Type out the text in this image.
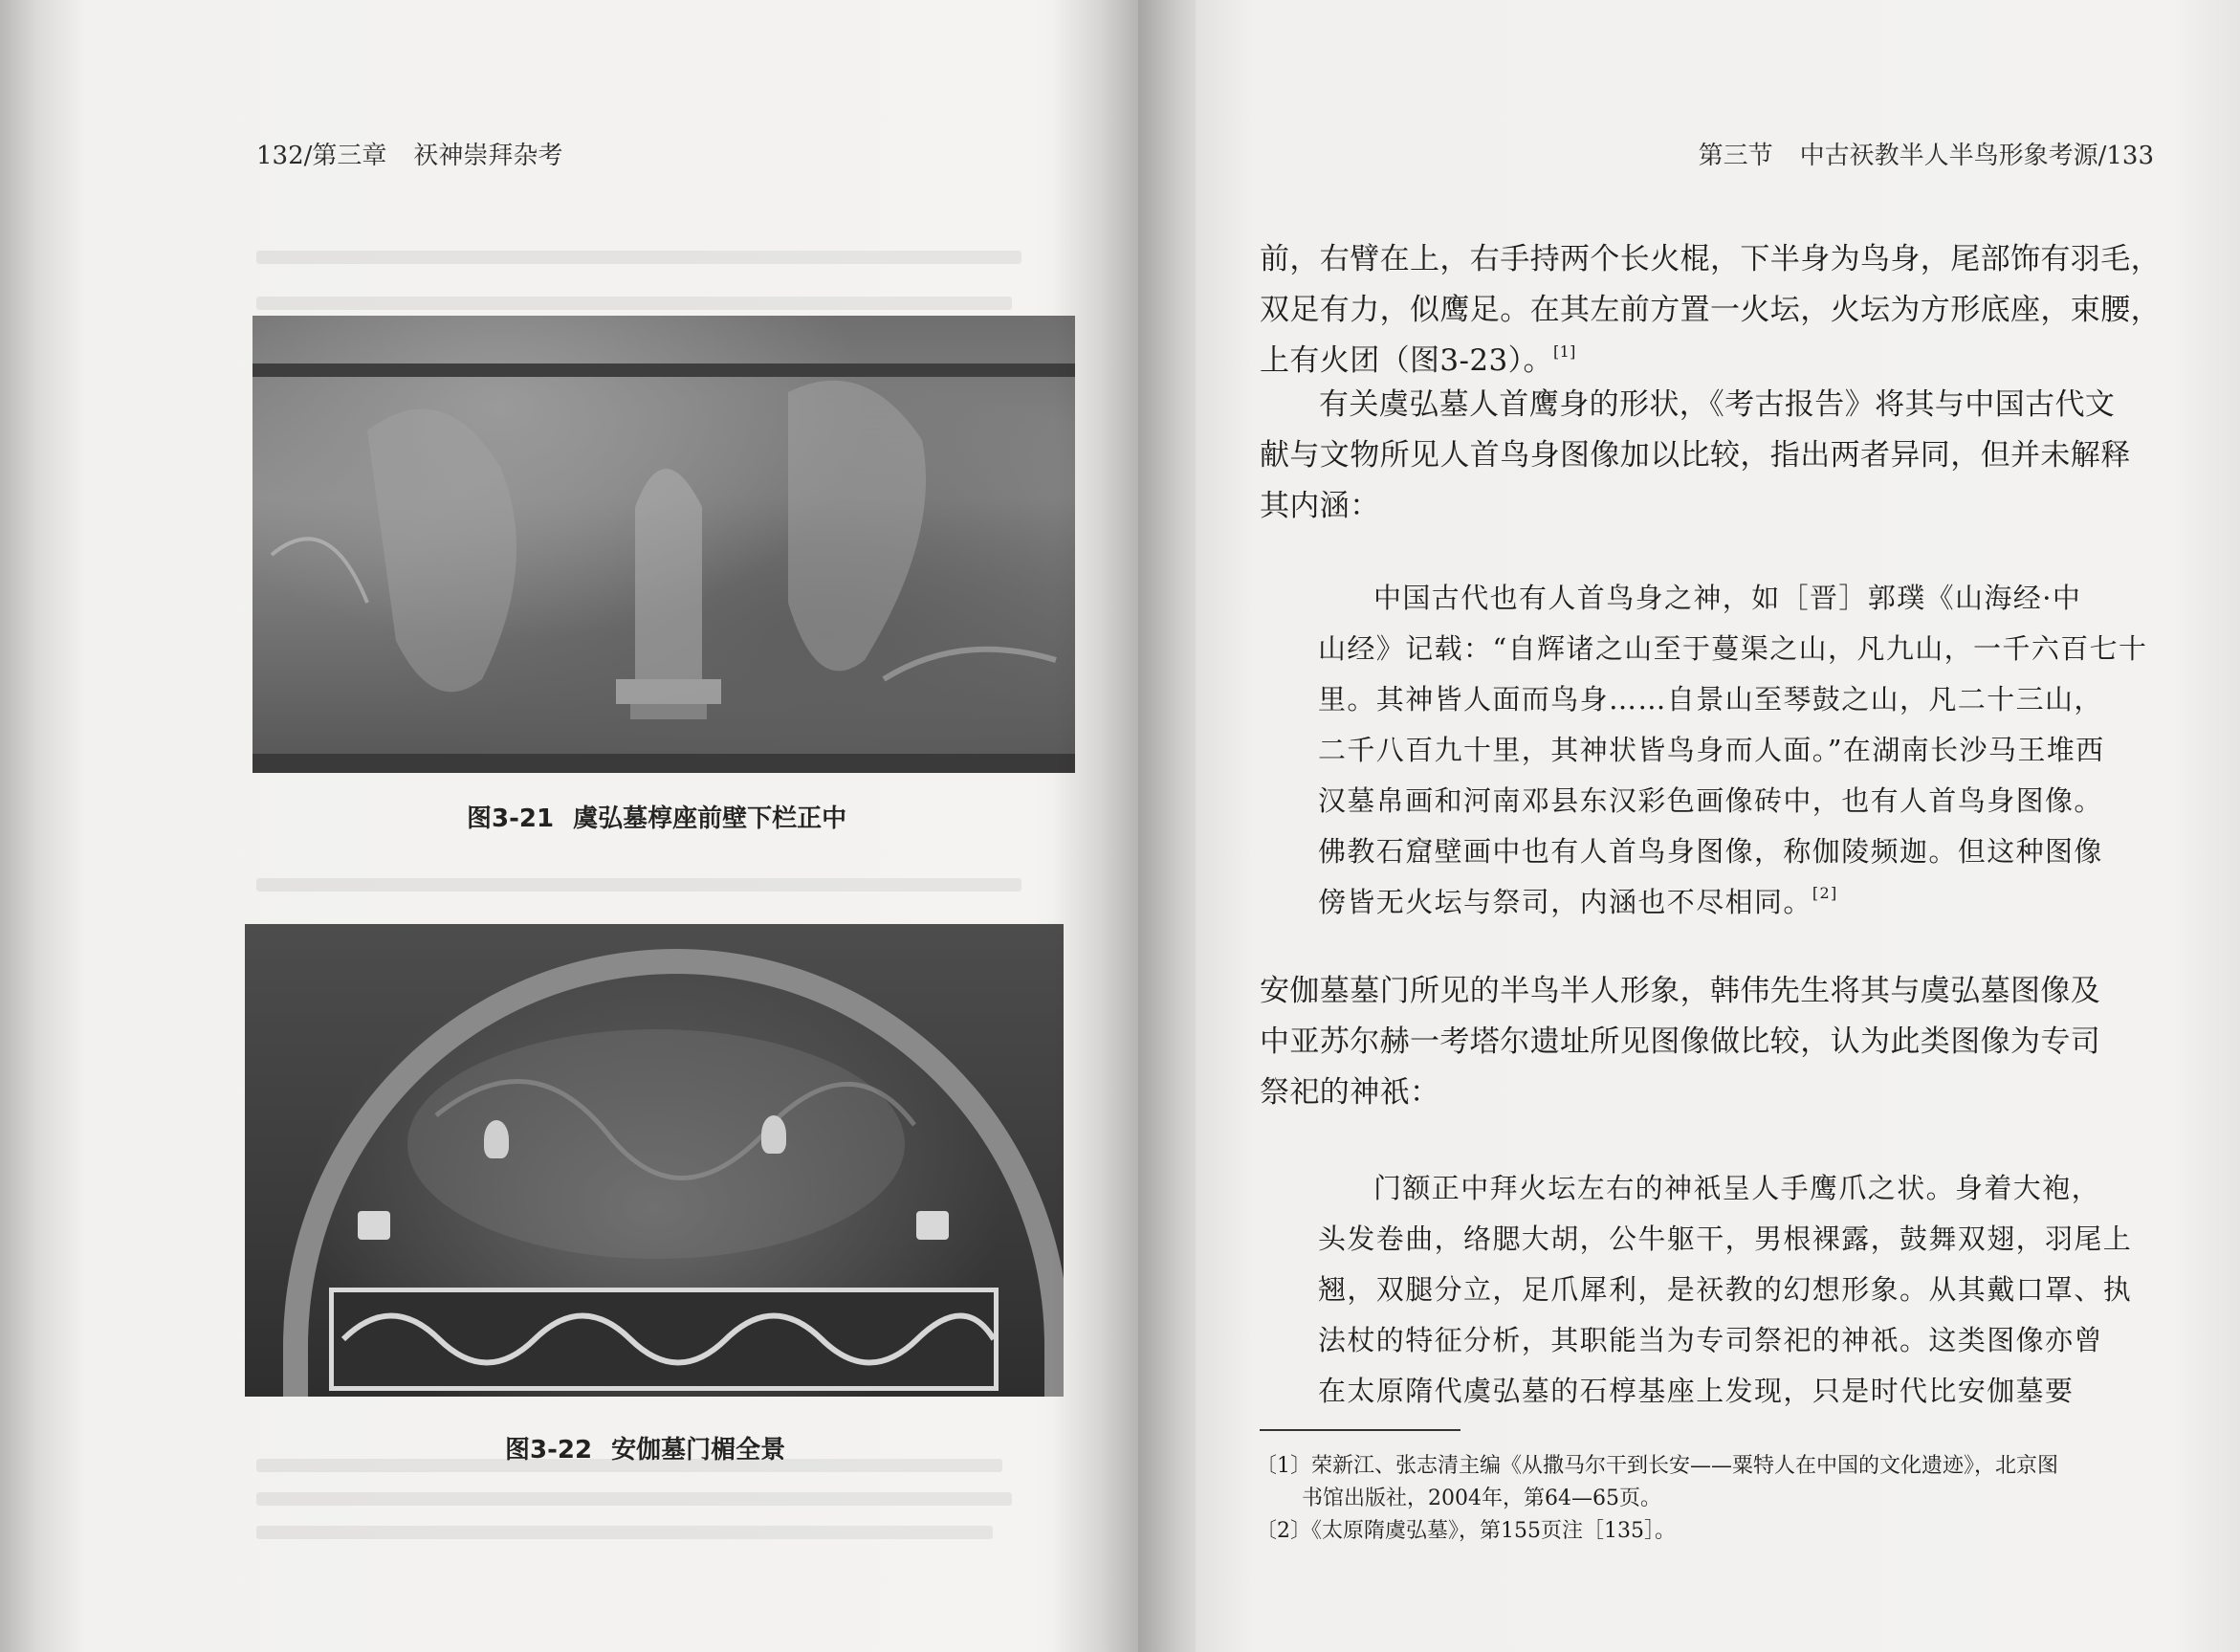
132/第三章 祆神崇拜杂考
图3-21 虞弘墓椁座前壁下栏正中
图3-22 安伽墓门楣全景
第三节 中古祆教半人半鸟形象考源/133
前，右臂在上，右手持两个长火棍，下半身为鸟身，尾部饰有羽毛，
双足有力，似鹰足。在其左前方置一火坛，火坛为方形底座，束腰，
上有火团（图3-23）。[1]
有关虞弘墓人首鹰身的形状，《考古报告》将其与中国古代文
献与文物所见人首鸟身图像加以比较，指出两者异同，但并未解释
其内涵：
中国古代也有人首鸟身之神，如［晋］郭璞《山海经·中
山经》记载：“自辉诸之山至于蔓渠之山，凡九山，一千六百七十
里。其神皆人面而鸟身……自景山至琴鼓之山，凡二十三山，
二千八百九十里，其神状皆鸟身而人面。”在湖南长沙马王堆西
汉墓帛画和河南邓县东汉彩色画像砖中，也有人首鸟身图像。
佛教石窟壁画中也有人首鸟身图像，称伽陵频迦。但这种图像
傍皆无火坛与祭司，内涵也不尽相同。[2]
安伽墓墓门所见的半鸟半人形象，韩伟先生将其与虞弘墓图像及
中亚苏尔赫一考塔尔遗址所见图像做比较，认为此类图像为专司
祭祀的神祇：
门额正中拜火坛左右的神祇呈人手鹰爪之状。身着大袍，
头发卷曲，络腮大胡，公牛躯干，男根裸露，鼓舞双翅，羽尾上
翘，双腿分立，足爪犀利，是祆教的幻想形象。从其戴口罩、执
法杖的特征分析，其职能当为专司祭祀的神祇。这类图像亦曾
在太原隋代虞弘墓的石椁基座上发现，只是时代比安伽墓要
〔1〕荣新江、张志清主编《从撒马尔干到长安——粟特人在中国的文化遗迹》，北京图
书馆出版社，2004年，第64—65页。
〔2〕《太原隋虞弘墓》，第155页注［135］。
